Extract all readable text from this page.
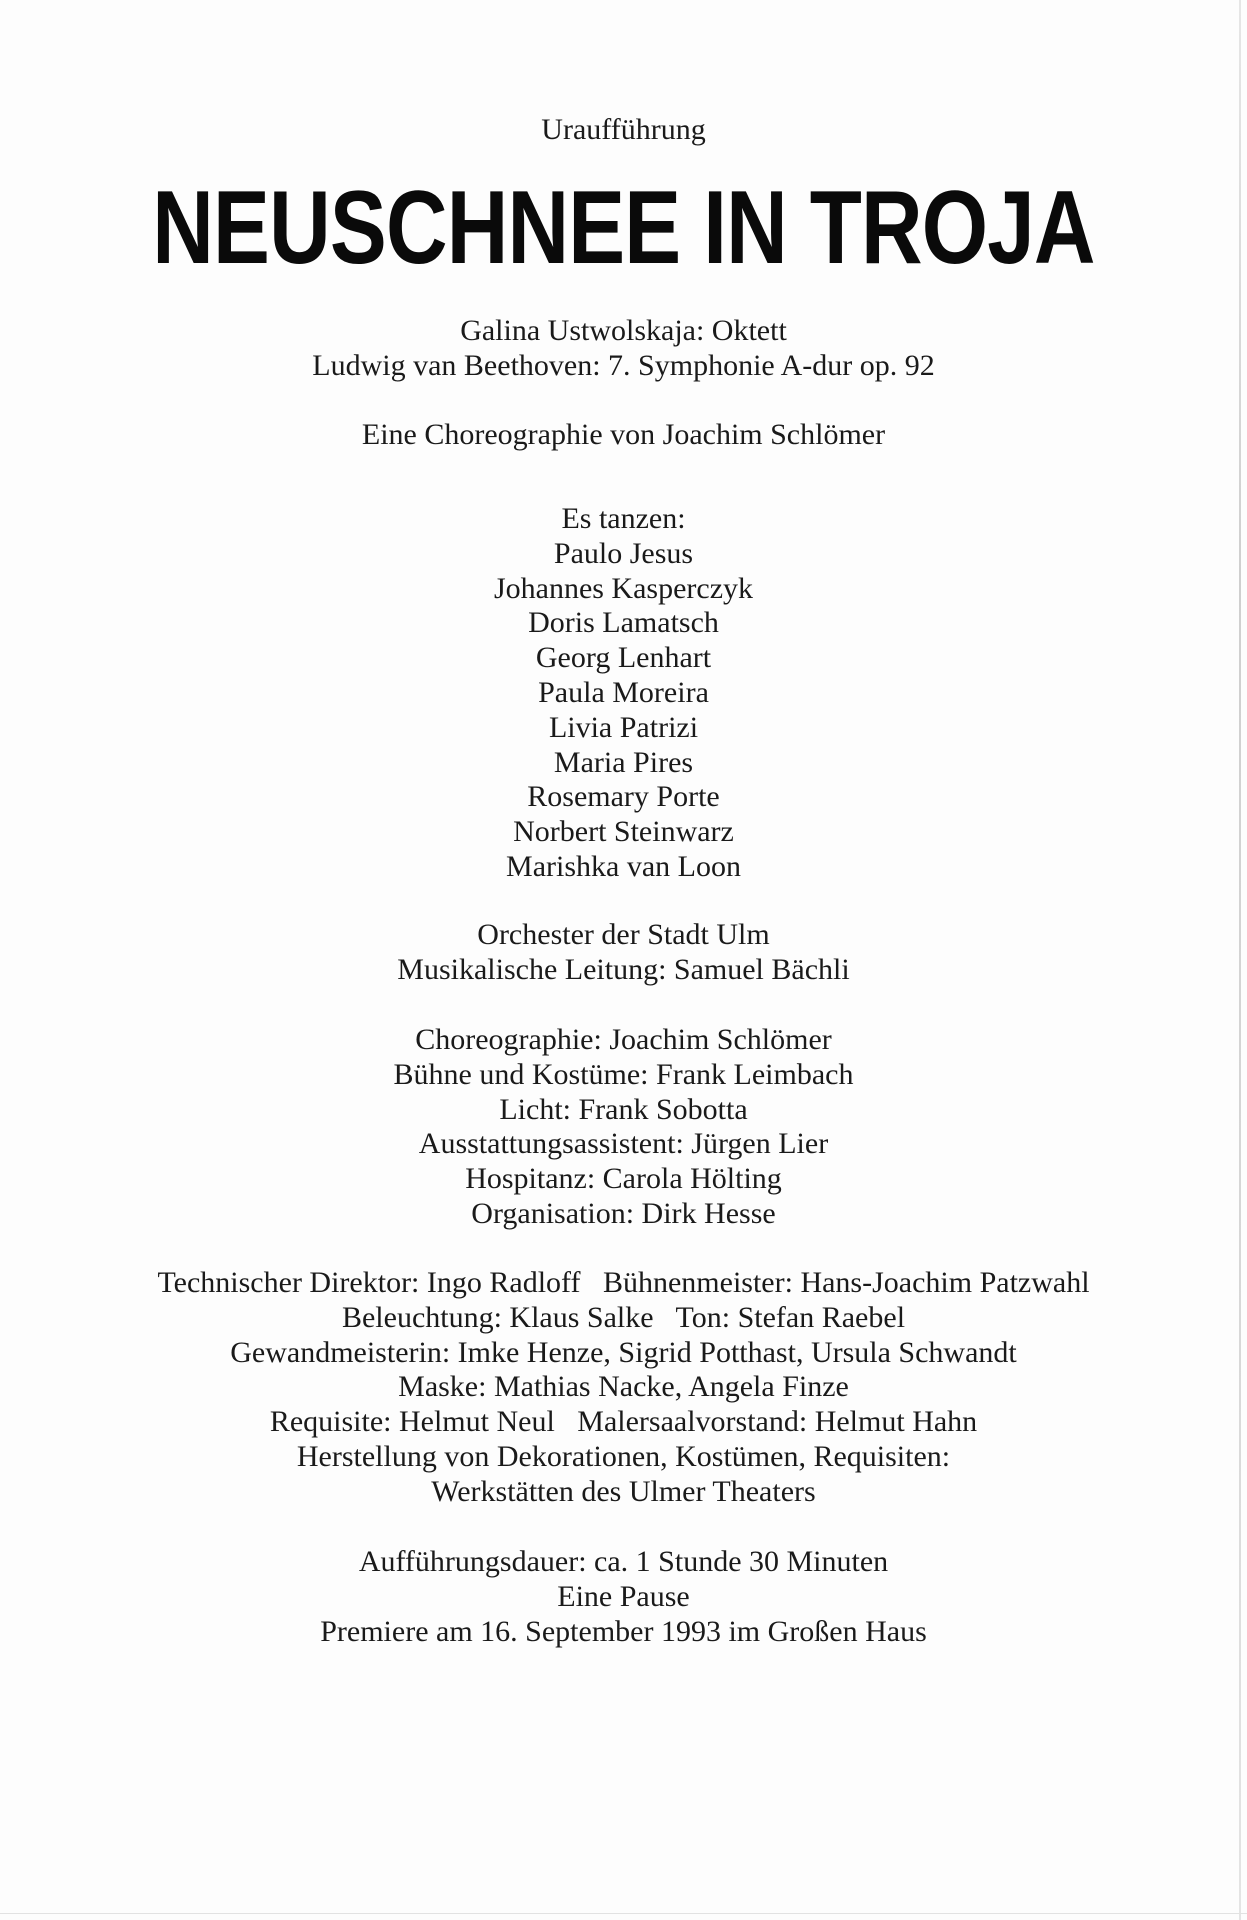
Uraufführung
NEUSCHNEE IN TROJA
Galina Ustwolskaja: Oktett
Ludwig van Beethoven: 7. Symphonie A-dur op. 92
Eine Choreographie von Joachim Schlömer
Es tanzen:
Paulo Jesus
Johannes Kasperczyk
Doris Lamatsch
Georg Lenhart
Paula Moreira
Livia Patrizi
Maria Pires
Rosemary Porte
Norbert Steinwarz
Marishka van Loon
Orchester der Stadt Ulm
Musikalische Leitung: Samuel Bächli
Choreographie: Joachim Schlömer
Bühne und Kostüme: Frank Leimbach
Licht: Frank Sobotta
Ausstattungsassistent: Jürgen Lier
Hospitanz: Carola Hölting
Organisation: Dirk Hesse
Technischer Direktor: Ingo Radloff   Bühnenmeister: Hans-Joachim Patzwahl
Beleuchtung: Klaus Salke   Ton: Stefan Raebel
Gewandmeisterin: Imke Henze, Sigrid Potthast, Ursula Schwandt
Maske: Mathias Nacke, Angela Finze
Requisite: Helmut Neul   Malersaalvorstand: Helmut Hahn
Herstellung von Dekorationen, Kostümen, Requisiten:
Werkstätten des Ulmer Theaters
Aufführungsdauer: ca. 1 Stunde 30 Minuten
Eine Pause
Premiere am 16. September 1993 im Großen Haus
